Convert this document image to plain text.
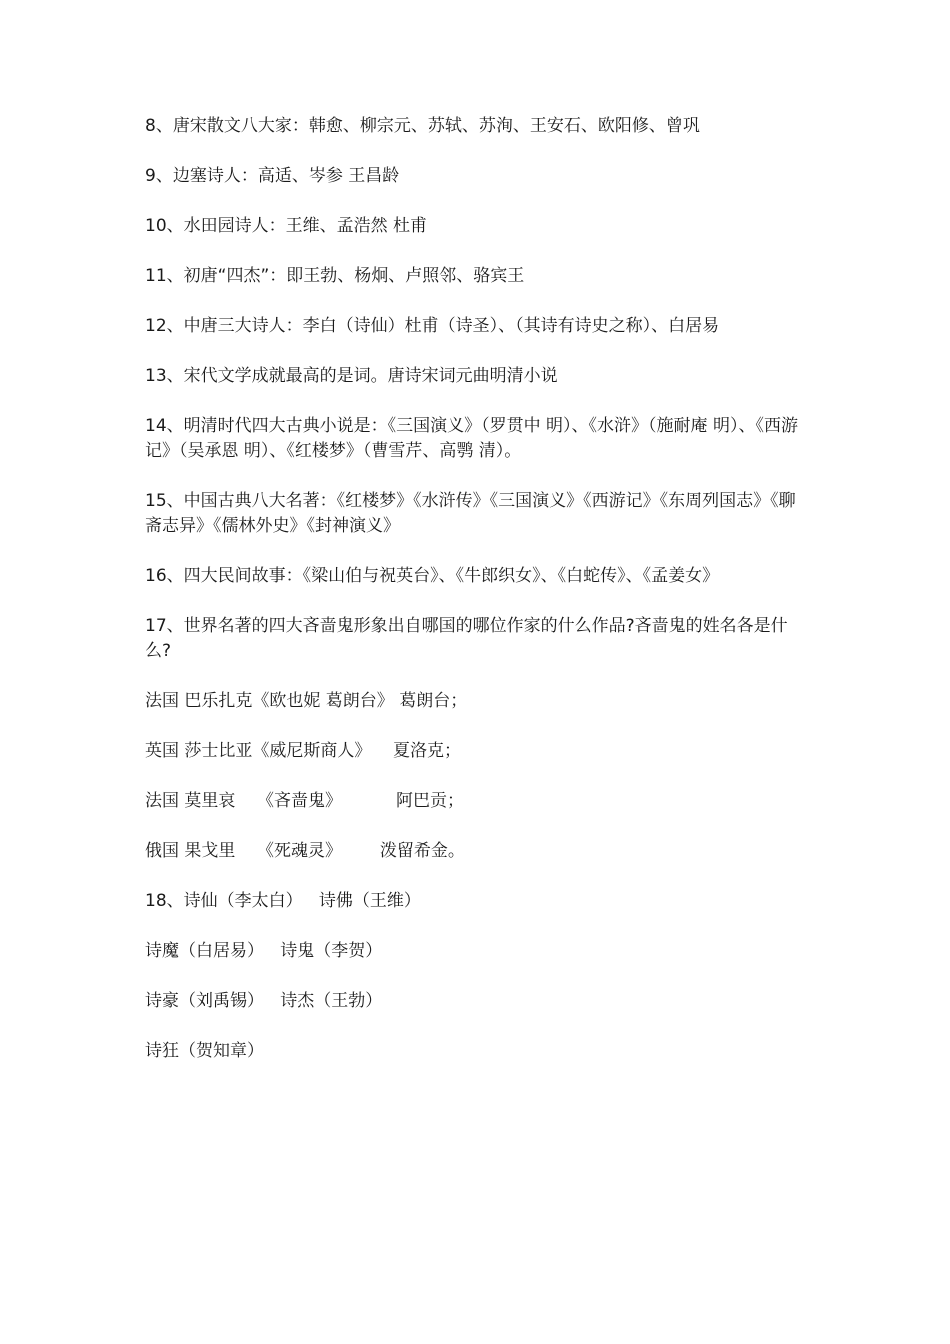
8、唐宋散文八大家：韩愈、柳宗元、苏轼、苏洵、王安石、欧阳修、曾巩

9、边塞诗人：高适、岑参 王昌龄

10、水田园诗人：王维、孟浩然 杜甫

11、初唐“四杰”：即王勃、杨炯、卢照邻、骆宾王

12、中唐三大诗人：李白（诗仙）杜甫（诗圣）、（其诗有诗史之称）、白居易

13、宋代文学成就最高的是词。唐诗宋词元曲明清小说

14、明清时代四大古典小说是：《三国演义》（罗贯中 明）、《水浒》（施耐庵 明）、《西游记》（吴承恩 明）、《红楼梦》（曹雪芹、高鹗 清）。

15、中国古典八大名著：《红楼梦》《水浒传》《三国演义》《西游记》《东周列国志》《聊斋志异》《儒林外史》《封神演义》

16、四大民间故事：《梁山伯与祝英台》、《牛郎织女》、《白蛇传》、《孟姜女》

17、世界名著的四大吝啬鬼形象出自哪国的哪位作家的什么作品?吝啬鬼的姓名各是什么?

法国 巴乐扎克《欧也妮 葛朗台》 葛朗台；

英国 莎士比亚《威尼斯商人》    夏洛克；

法国 莫里哀    《吝啬鬼》          阿巴贡；

俄国 果戈里    《死魂灵》       泼留希金。

18、诗仙（李太白）   诗佛（王维）

诗魔（白居易）   诗鬼（李贺）

诗豪（刘禹锡）   诗杰（王勃）

诗狂（贺知章）
